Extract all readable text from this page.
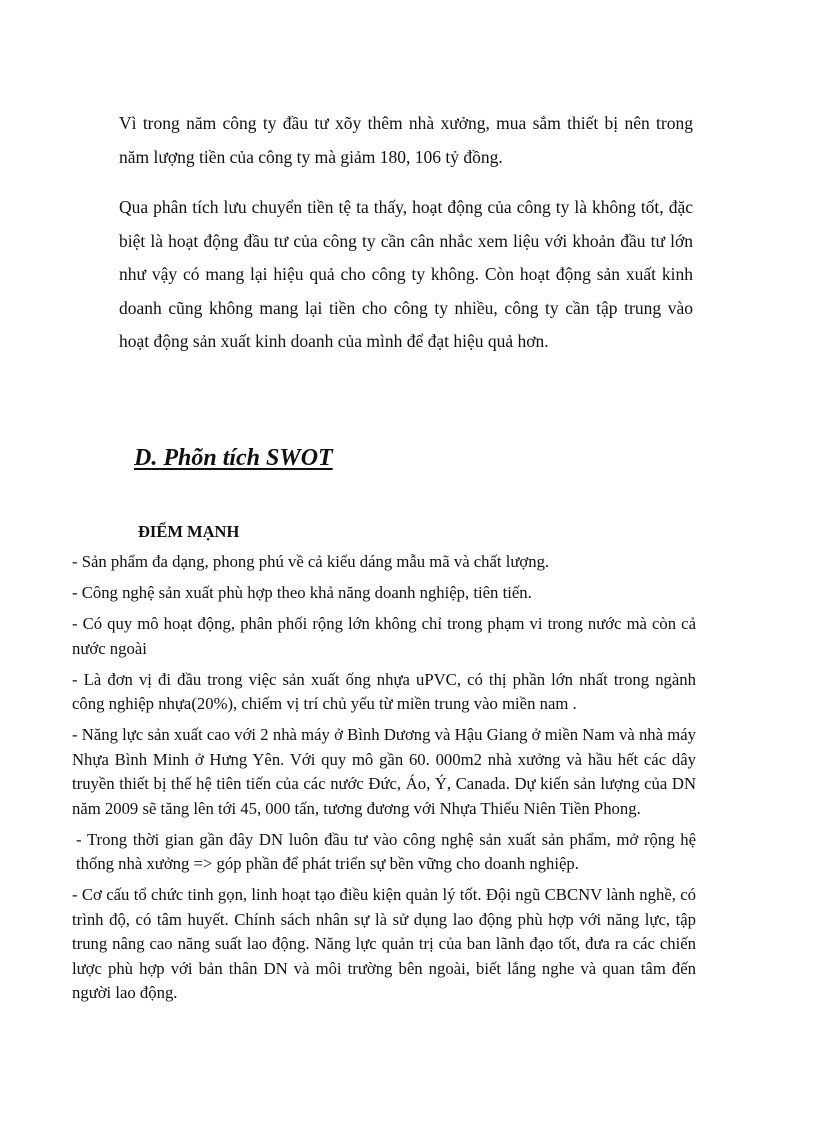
Vì trong năm công ty đầu tư xõy thêm nhà xưởng, mua sắm thiết bị nên trong năm lượng tiền của công ty mà giảm 180, 106 tỷ đồng.

Qua phân tích lưu chuyển tiền tệ ta thấy, hoạt động của công ty là không tốt, đặc biệt là hoạt động đầu tư của công ty cần cân nhắc xem liệu với khoản đầu tư lớn như vậy có mang lại hiệu quả cho công ty không. Còn hoạt động sản xuất kinh doanh cũng không mang lại tiền cho công ty nhiều, công ty cần tập trung vào hoạt động sản xuất kinh doanh của mình để đạt hiệu quả hơn.

D. Phõn tích SWOT
ĐIỂM MẠNH
- Sản phẩm đa dạng, phong phú về cả kiểu dáng mẫu mã và chất lượng.
- Công nghệ sản xuất phù hợp theo khả năng doanh nghiệp, tiên tiến.
- Có quy mô hoạt động, phân phối rộng lớn không chỉ trong phạm vi trong nước mà còn cả nước ngoài
- Là đơn vị đi đầu trong việc sản xuất ống nhựa uPVC, có thị phần lớn nhất trong ngành công nghiệp nhựa(20%), chiếm vị trí chủ yếu từ miền trung vào miền nam .
- Năng lực sản xuất cao với 2 nhà máy ở Bình Dương và Hậu Giang ở miền Nam và nhà máy Nhựa Bình Minh ở Hưng Yên. Với quy mô gần 60. 000m2 nhà xưởng và hầu hết các dây truyền thiết bị thế hệ tiên tiến của các nước Đức, Áo, Ý, Canada. Dự kiến sản lượng của DN năm 2009 sẽ tăng lên tới 45, 000 tấn, tương đương với Nhựa Thiếu Niên Tiền Phong.
- Trong thời gian gần đây DN luôn đầu tư vào công nghệ sản xuất sản phẩm, mở rộng hệ thống nhà xưởng => góp phần để phát triển sự bền vững cho doanh nghiệp.
- Cơ cấu tổ chức tinh gọn, linh hoạt tạo điều kiện quản lý tốt. Đội ngũ CBCNV lành nghề, có trình độ, có tâm huyết. Chính sách nhân sự là sử dụng lao động phù hợp với năng lực, tập trung nâng cao năng suất lao động. Năng lực quản trị của ban lãnh đạo tốt, đưa ra các chiến lược phù hợp với bản thân DN và môi trường bên ngoài, biết lắng nghe và quan tâm đến người lao động.
